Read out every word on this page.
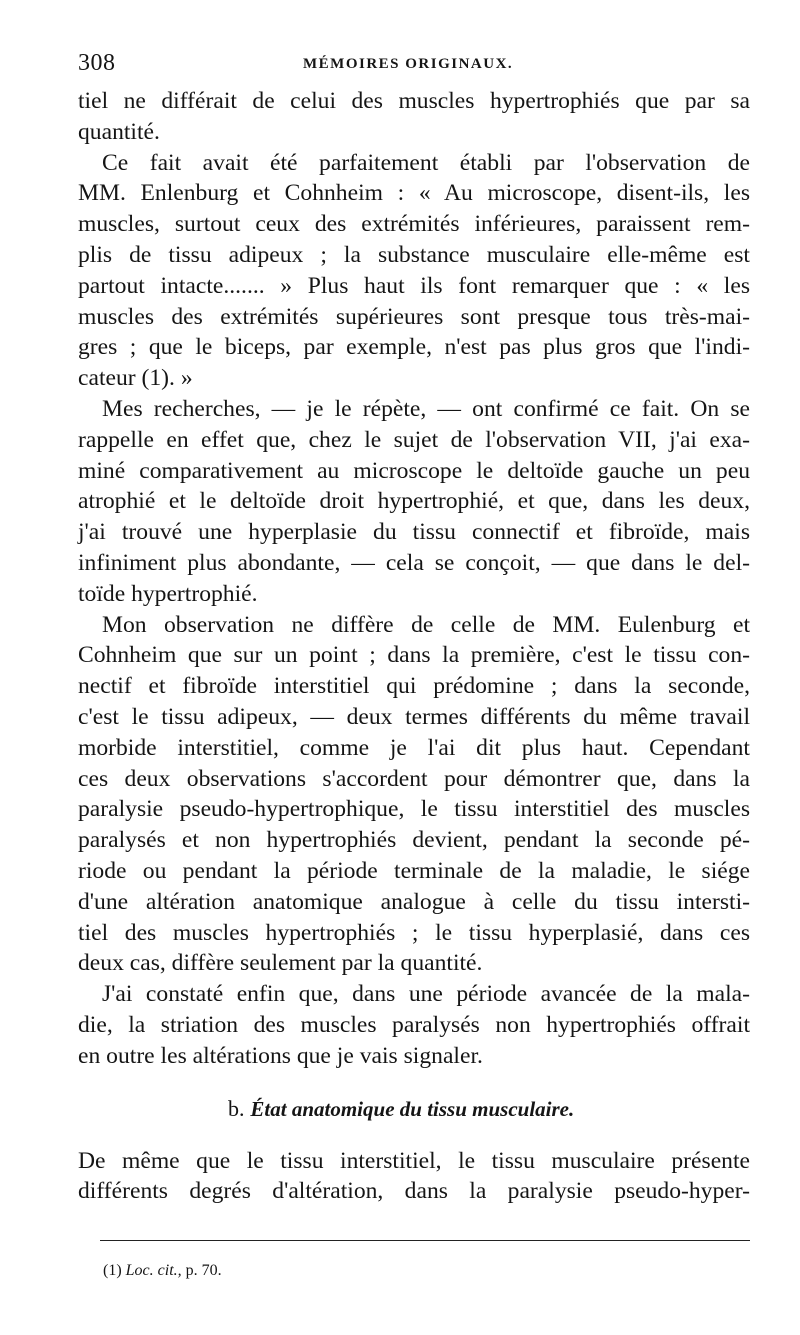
308	MÉMOIRES ORIGINAUX.
tiel ne différait de celui des muscles hypertrophiés que par sa
quantité.
Ce fait avait été parfaitement établi par l'observation de
MM. Enlenburg et Cohnheim : « Au microscope, disent-ils, les
muscles, surtout ceux des extrémités inférieures, paraissent rem-
plis de tissu adipeux ; la substance musculaire elle-même est
partout intacte....... » Plus haut ils font remarquer que : « les
muscles des extrémités supérieures sont presque tous très-mai-
gres ; que le biceps, par exemple, n'est pas plus gros que l'indi-
cateur (1). »
Mes recherches, — je le répète, — ont confirmé ce fait. On se
rappelle en effet que, chez le sujet de l'observation VII, j'ai exa-
miné comparativement au microscope le deltoïde gauche un peu
atrophié et le deltoïde droit hypertrophié, et que, dans les deux,
j'ai trouvé une hyperplasie du tissu connectif et fibroïde, mais
infiniment plus abondante, — cela se conçoit, — que dans le del-
toïde hypertrophié.
Mon observation ne diffère de celle de MM. Eulenburg et
Cohnheim que sur un point ; dans la première, c'est le tissu con-
nectif et fibroïde interstitiel qui prédomine ; dans la seconde,
c'est le tissu adipeux, — deux termes différents du même travail
morbide interstitiel, comme je l'ai dit plus haut. Cependant
ces deux observations s'accordent pour démontrer que, dans la
paralysie pseudo-hypertrophique, le tissu interstitiel des muscles
paralysés et non hypertrophiés devient, pendant la seconde pé-
riode ou pendant la période terminale de la maladie, le siége
d'une altération anatomique analogue à celle du tissu intersti-
tiel des muscles hypertrophiés ; le tissu hyperplasié, dans ces
deux cas, diffère seulement par la quantité.
J'ai constaté enfin que, dans une période avancée de la mala-
die, la striation des muscles paralysés non hypertrophiés offrait
en outre les altérations que je vais signaler.
b. État anatomique du tissu musculaire.
De même que le tissu interstitiel, le tissu musculaire présente
différents degrés d'altération, dans la paralysie pseudo-hyper-
(1) Loc. cit., p. 70.
